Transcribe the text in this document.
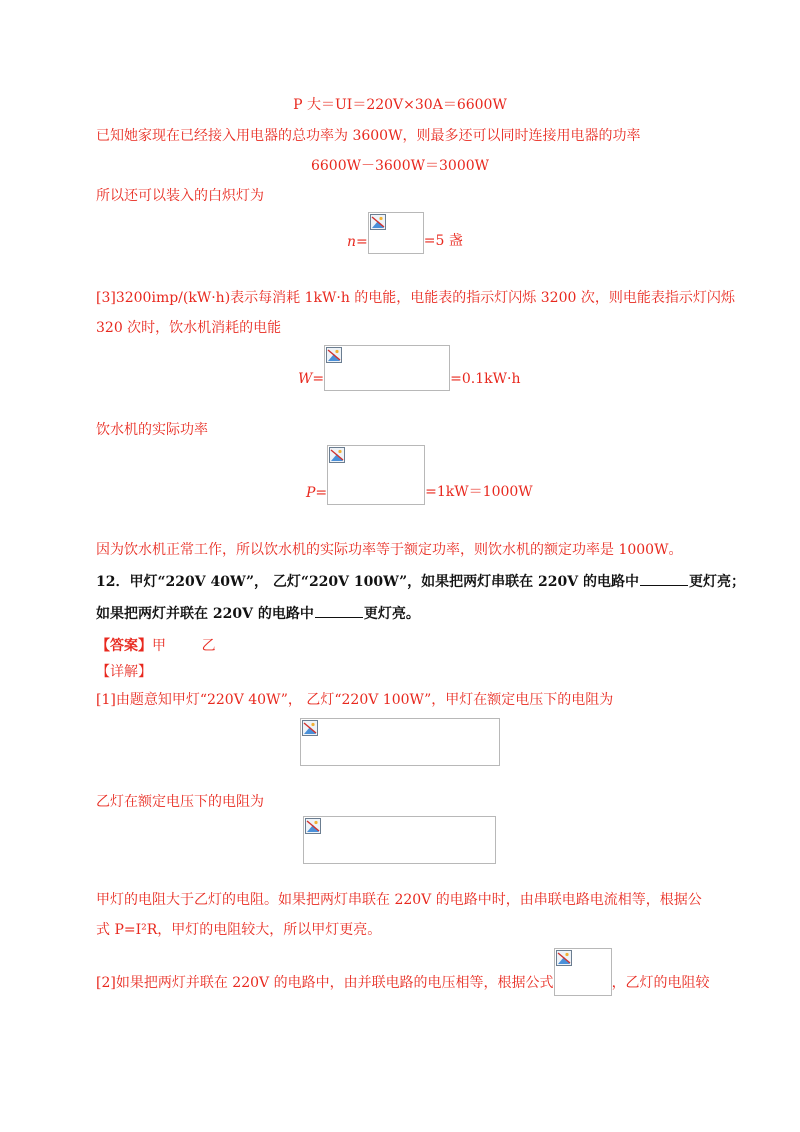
P 大＝UI＝220V×30A＝6600W
已知她家现在已经接入用电器的总功率为 3600W，则最多还可以同时连接用电器的功率
6600W－3600W＝3000W
所以还可以装入的白炽灯为
n=	=5 盏
[3]3200imp/(kW·h)表示每消耗 1kW·h 的电能，电能表的指示灯闪烁 3200 次，则电能表指示灯闪烁
320 次时，饮水机消耗的电能
W=	=0.1kW·h
饮水机的实际功率
P=	=1kW＝1000W
因为饮水机正常工作，所以饮水机的实际功率等于额定功率，则饮水机的额定功率是 1000W。
12．甲灯“220V 40W”， 乙灯“220V 100W”，如果把两灯串联在 220V 的电路中	更灯亮；
如果把两灯并联在 220V 的电路中	更灯亮。
【答案】甲        乙
【详解】
[1]由题意知甲灯“220V 40W”， 乙灯“220V 100W”，甲灯在额定电压下的电阻为
乙灯在额定电压下的电阻为
甲灯的电阻大于乙灯的电阻。如果把两灯串联在 220V 的电路中时，由串联电路电流相等，根据公
式 P=I²R，甲灯的电阻较大，所以甲灯更亮。
[2]如果把两灯并联在 220V 的电路中，由并联电路的电压相等，根据公式	，乙灯的电阻较
